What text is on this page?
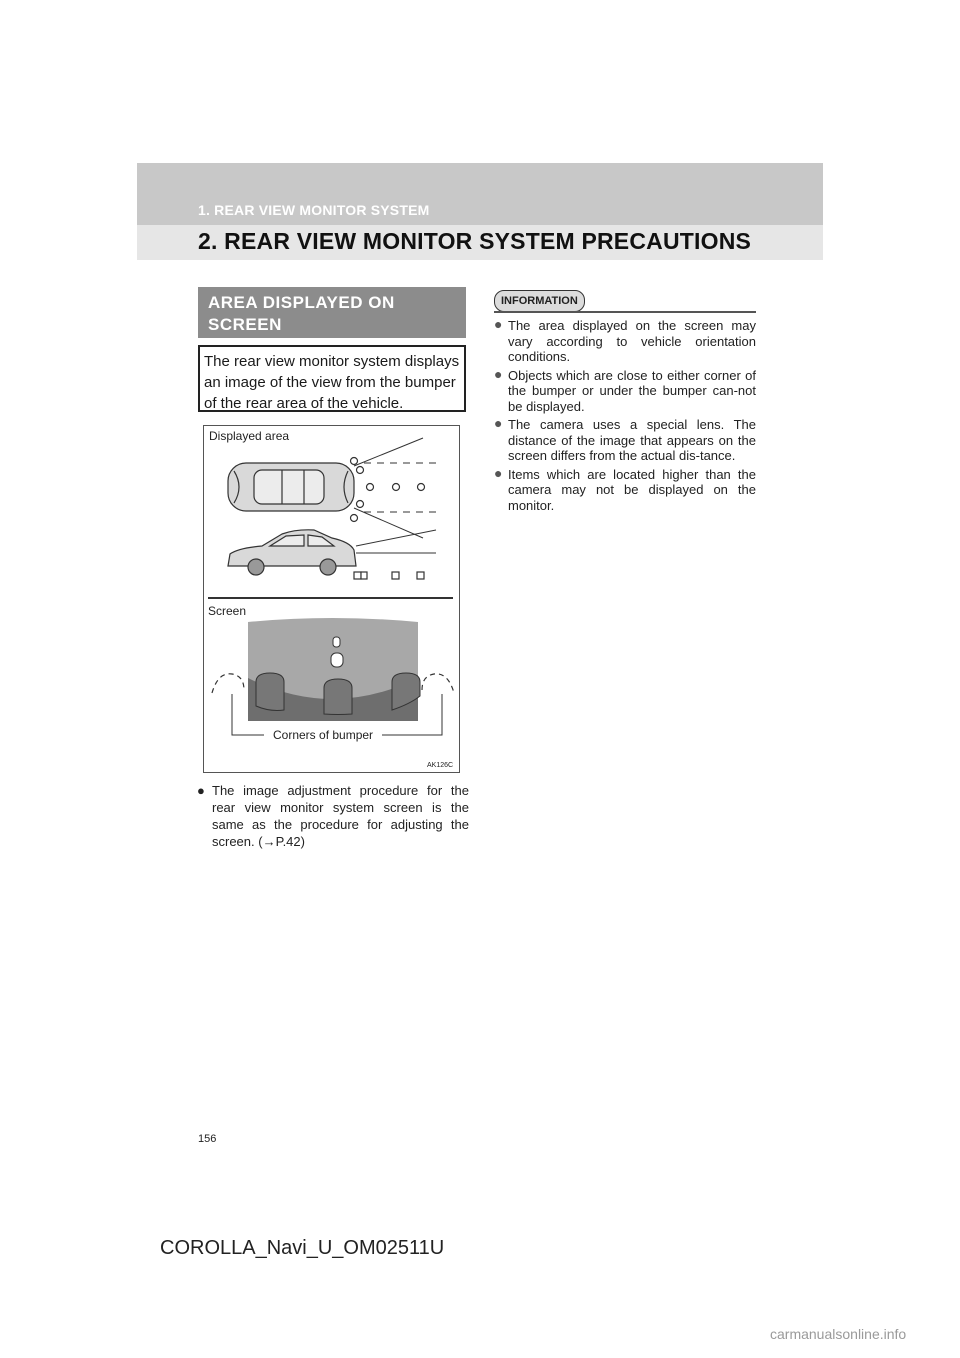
1. REAR VIEW MONITOR SYSTEM
2. REAR VIEW MONITOR SYSTEM PRECAUTIONS
AREA DISPLAYED ON SCREEN
The rear view monitor system displays an image of the view from the bumper of the rear area of the vehicle.
Displayed area
Screen
Corners of bumper
AK126C
● The image adjustment procedure for the rear view monitor system screen is the same as the procedure for adjusting the screen. (→P.42)
INFORMATION
● The area displayed on the screen may vary according to vehicle orientation conditions.
● Objects which are close to either corner of the bumper or under the bumper can-not be displayed.
● The camera uses a special lens. The distance of the image that appears on the screen differs from the actual dis-tance.
● Items which are located higher than the camera may not be displayed on the monitor.
156
COROLLA_Navi_U_OM02511U
carmanualsonline.info
